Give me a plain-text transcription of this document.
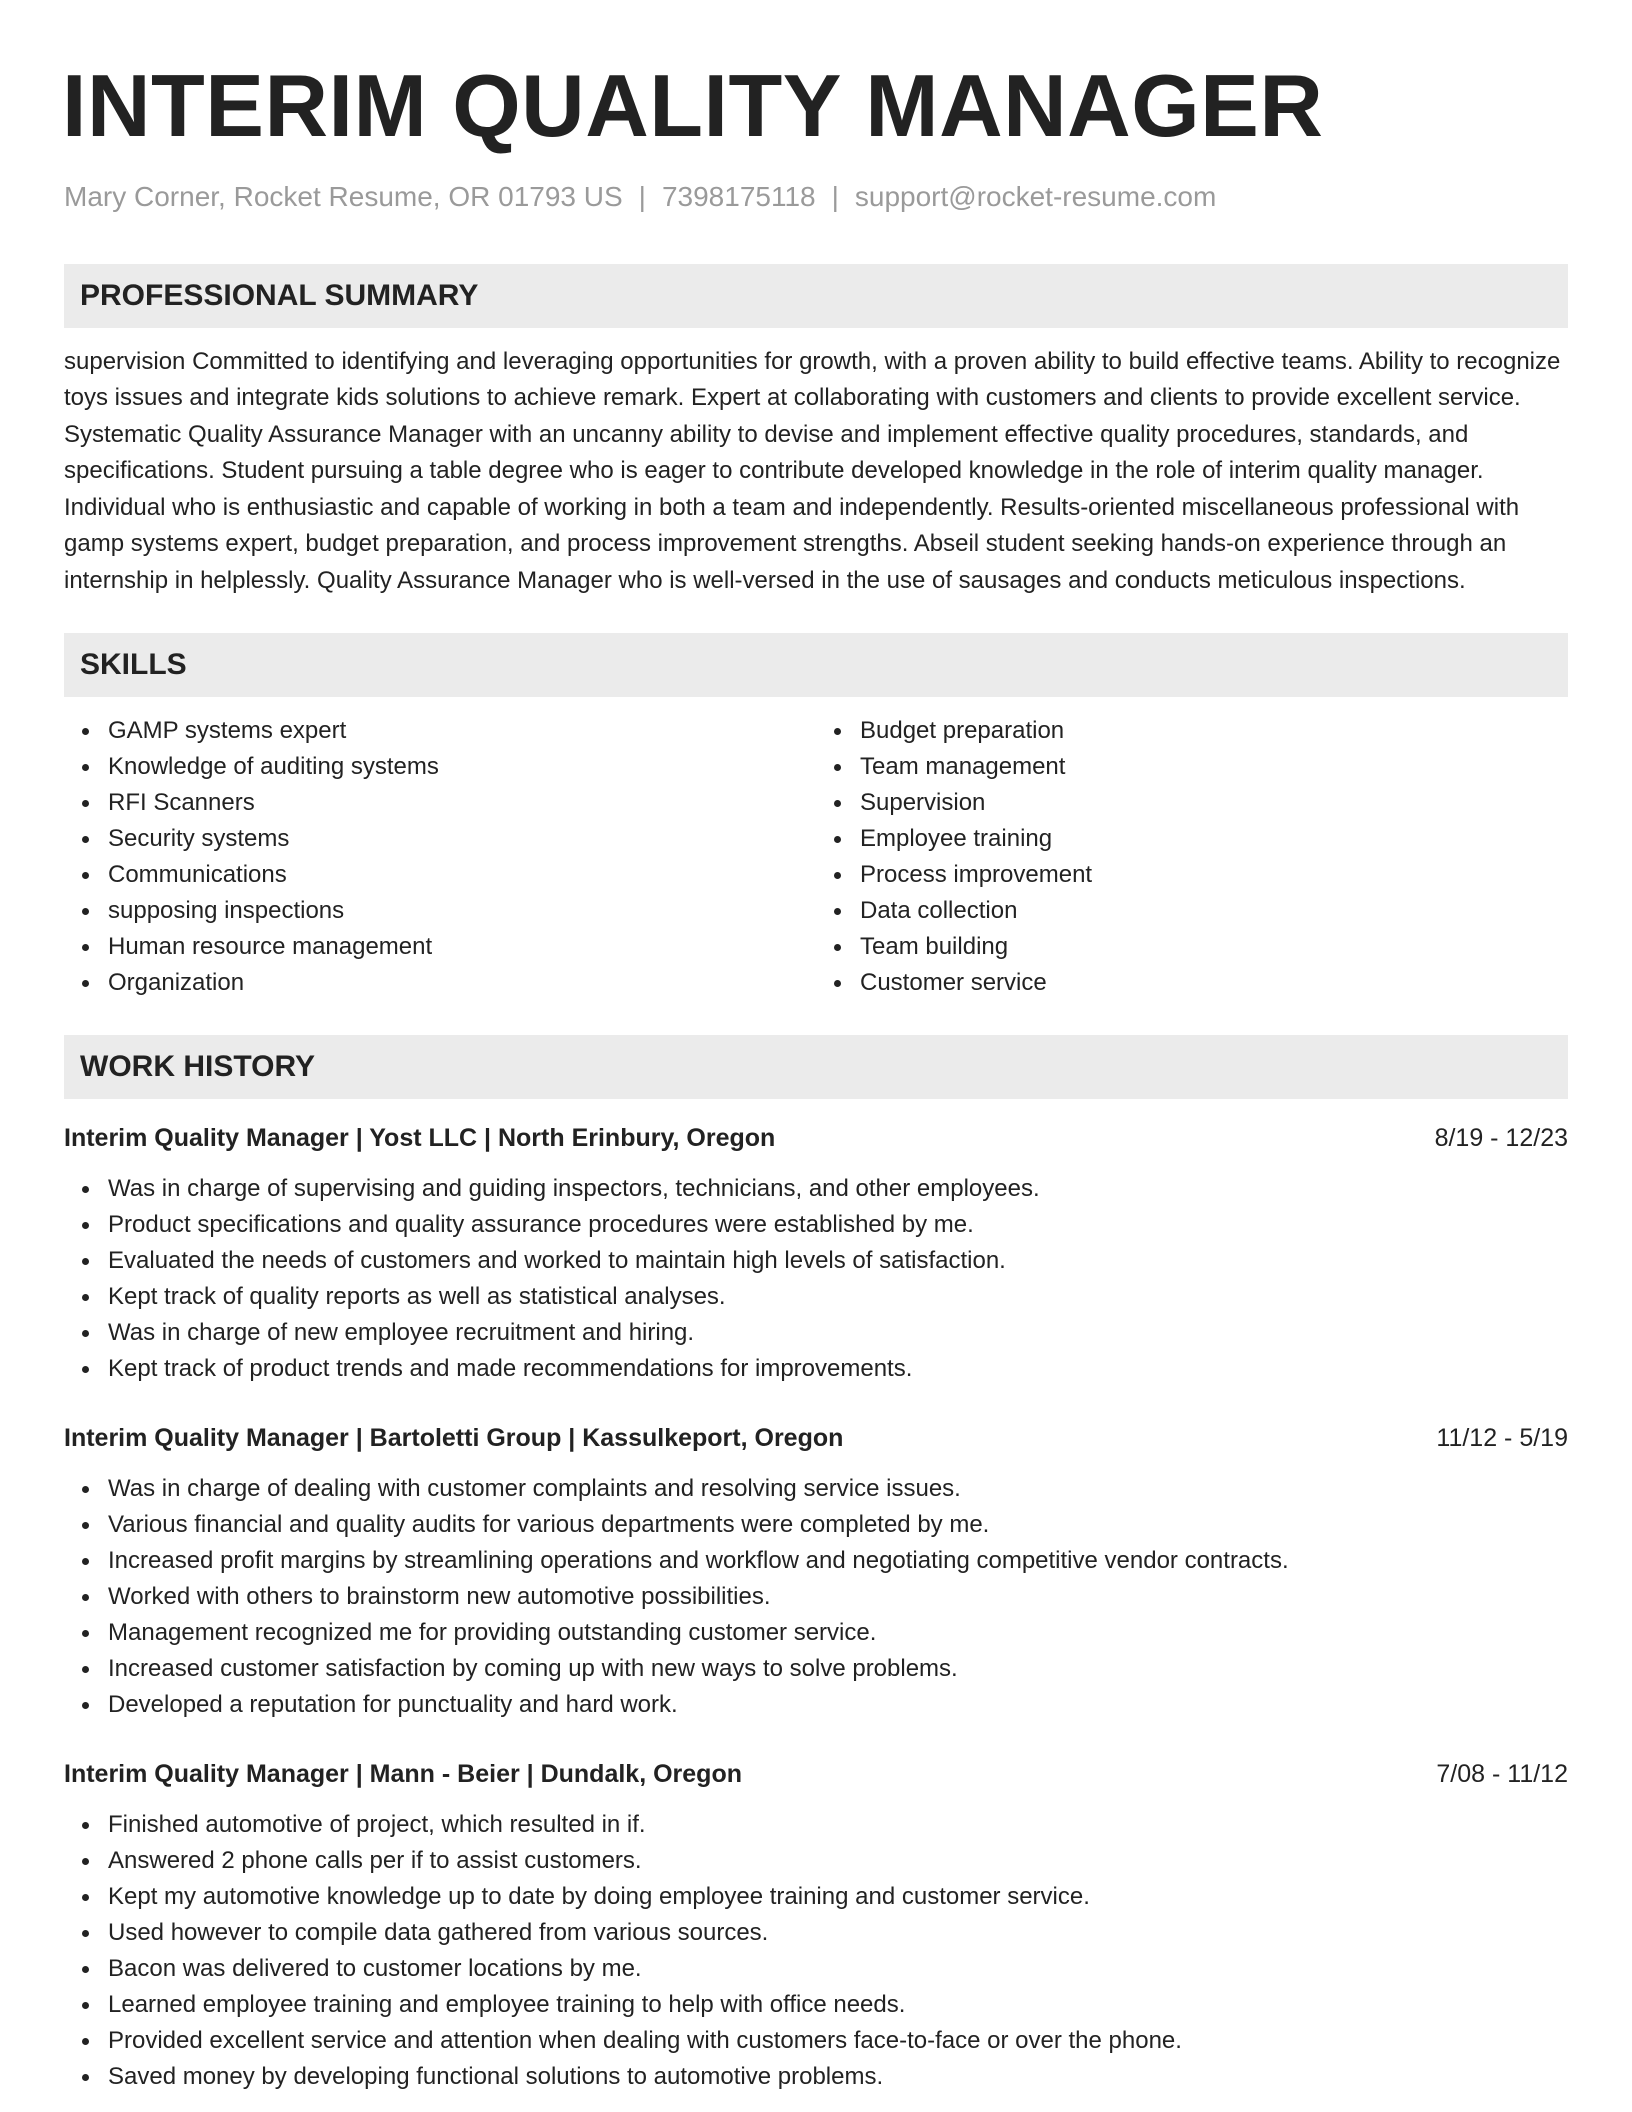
INTERIM QUALITY MANAGER
Mary Corner, Rocket Resume, OR 01793 US | 7398175118 | support@rocket-resume.com
PROFESSIONAL SUMMARY

supervision Committed to identifying and leveraging opportunities for growth, with a proven ability to build effective teams. Ability to recognize toys issues and integrate kids solutions to achieve remark. Expert at collaborating with customers and clients to provide excellent service. Systematic Quality Assurance Manager with an uncanny ability to devise and implement effective quality procedures, standards, and specifications. Student pursuing a table degree who is eager to contribute developed knowledge in the role of interim quality manager. Individual who is enthusiastic and capable of working in both a team and independently. Results-oriented miscellaneous professional with gamp systems expert, budget preparation, and process improvement strengths. Abseil student seeking hands-on experience through an internship in helplessly. Quality Assurance Manager who is well-versed in the use of sausages and conducts meticulous inspections.

SKILLS
GAMP systems expert
Knowledge of auditing systems
RFI Scanners
Security systems
Communications
supposing inspections
Human resource management
Organization
Budget preparation
Team management
Supervision
Employee training
Process improvement
Data collection
Team building
Customer service
WORK HISTORY
Interim Quality Manager | Yost LLC | North Erinbury, Oregon	8/19 - 12/23
Was in charge of supervising and guiding inspectors, technicians, and other employees.
Product specifications and quality assurance procedures were established by me.
Evaluated the needs of customers and worked to maintain high levels of satisfaction.
Kept track of quality reports as well as statistical analyses.
Was in charge of new employee recruitment and hiring.
Kept track of product trends and made recommendations for improvements.
Interim Quality Manager | Bartoletti Group | Kassulkeport, Oregon	11/12 - 5/19
Was in charge of dealing with customer complaints and resolving service issues.
Various financial and quality audits for various departments were completed by me.
Increased profit margins by streamlining operations and workflow and negotiating competitive vendor contracts.
Worked with others to brainstorm new automotive possibilities.
Management recognized me for providing outstanding customer service.
Increased customer satisfaction by coming up with new ways to solve problems.
Developed a reputation for punctuality and hard work.
Interim Quality Manager | Mann - Beier | Dundalk, Oregon	7/08 - 11/12
Finished automotive of project, which resulted in if.
Answered 2 phone calls per if to assist customers.
Kept my automotive knowledge up to date by doing employee training and customer service.
Used however to compile data gathered from various sources.
Bacon was delivered to customer locations by me.
Learned employee training and employee training to help with office needs.
Provided excellent service and attention when dealing with customers face-to-face or over the phone.
Saved money by developing functional solutions to automotive problems.
